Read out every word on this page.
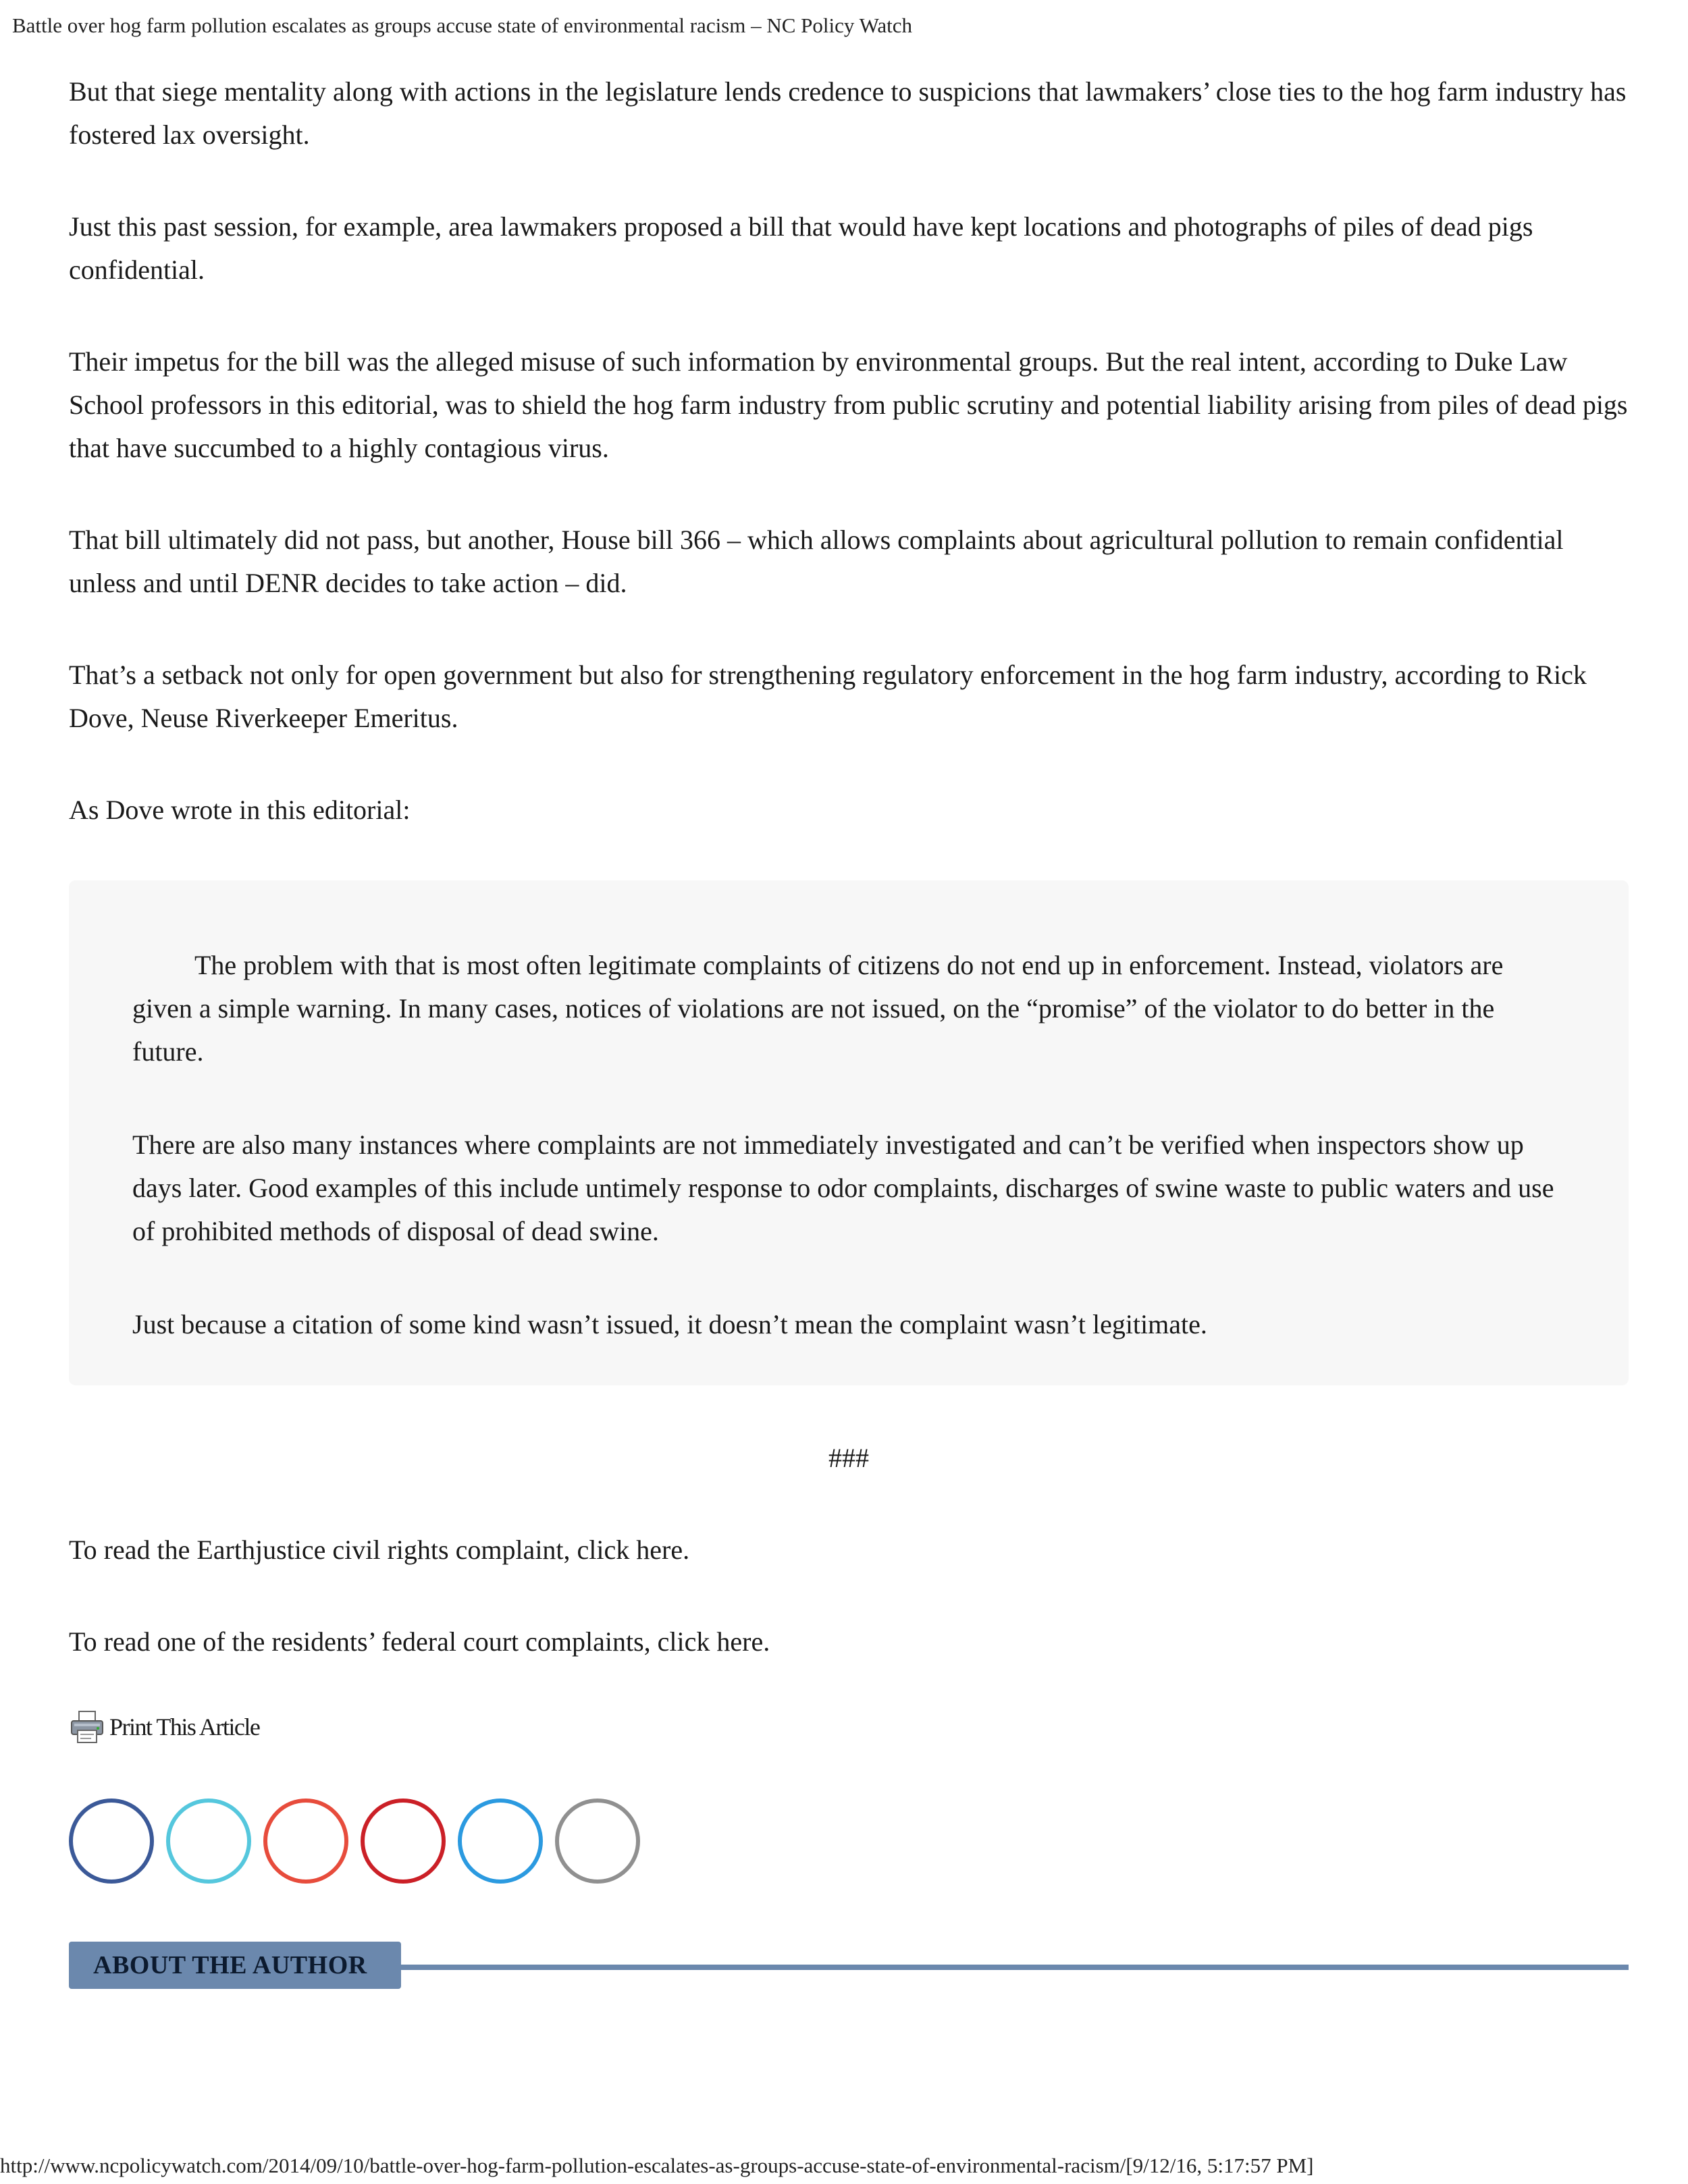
Battle over hog farm pollution escalates as groups accuse state of environmental racism – NC Policy Watch

But that siege mentality along with actions in the legislature lends credence to suspicions that lawmakers’ close ties to the hog farm industry has fostered lax oversight.

Just this past session, for example, area lawmakers proposed a bill that would have kept locations and photographs of piles of dead pigs confidential.

Their impetus for the bill was the alleged misuse of such information by environmental groups. But the real intent, according to Duke Law School professors in this editorial, was to shield the hog farm industry from public scrutiny and potential liability arising from piles of dead pigs that have succumbed to a highly contagious virus.

That bill ultimately did not pass, but another, House bill 366 – which allows complaints about agricultural pollution to remain confidential unless and until DENR decides to take action – did.

That’s a setback not only for open government but also for strengthening regulatory enforcement in the hog farm industry, according to Rick Dove, Neuse Riverkeeper Emeritus.

As Dove wrote in this editorial:

The problem with that is most often legitimate complaints of citizens do not end up in enforcement. Instead, violators are given a simple warning. In many cases, notices of violations are not issued, on the “promise” of the violator to do better in the future.

There are also many instances where complaints are not immediately investigated and can’t be verified when inspectors show up days later. Good examples of this include untimely response to odor complaints, discharges of swine waste to public waters and use of prohibited methods of disposal of dead swine.

Just because a citation of some kind wasn’t issued, it doesn’t mean the complaint wasn’t legitimate.

###

To read the Earthjustice civil rights complaint, click here.

To read one of the residents’ federal court complaints, click here.

Print This Article
ABOUT THE AUTHOR
http://www.ncpolicywatch.com/2014/09/10/battle-over-hog-farm-pollution-escalates-as-groups-accuse-state-of-environmental-racism/[9/12/16, 5:17:57 PM]
